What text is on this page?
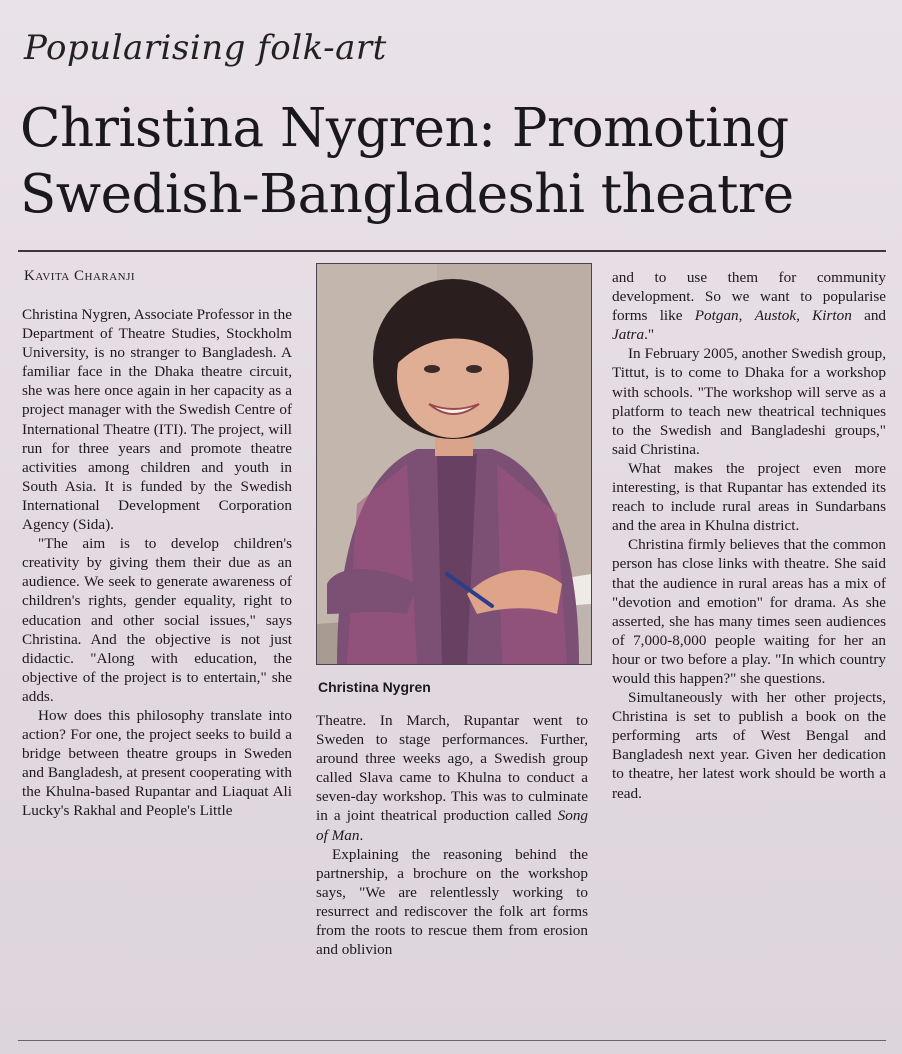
Popularising folk-art
Christina Nygren: Promoting Swedish-Bangladeshi theatre
Kavita Charanji

Christina Nygren, Associate Professor in the Department of Theatre Studies, Stockholm University, is no stranger to Bangladesh. A familiar face in the Dhaka theatre circuit, she was here once again in her capacity as a project manager with the Swedish Centre of International Theatre (ITI). The project, will run for three years and promote theatre activities among children and youth in South Asia. It is funded by the Swedish International Development Corporation Agency (Sida).

"The aim is to develop children's creativity by giving them their due as an audience. We seek to generate awareness of children's rights, gender equality, right to education and other social issues," says Christina. And the objective is not just didactic. "Along with education, the objective of the project is to entertain," she adds.

How does this philosophy translate into action? For one, the project seeks to build a bridge between theatre groups in Sweden and Bangladesh, at present cooperating with the Khulna-based Rupantar and Liaquat Ali Lucky's Rakhal and People's Little

Christina Nygren

Theatre. In March, Rupantar went to Sweden to stage performances. Further, around three weeks ago, a Swedish group called Slava came to Khulna to conduct a seven-day workshop. This was to culminate in a joint theatrical production called Song of Man.

Explaining the reasoning behind the partnership, a brochure on the workshop says, "We are relentlessly working to resurrect and rediscover the folk art forms from the roots to rescue them from erosion and oblivion

and to use them for community development. So we want to popularise forms like Potgan, Austok, Kirton and Jatra."

In February 2005, another Swedish group, Tittut, is to come to Dhaka for a workshop with schools. "The workshop will serve as a platform to teach new theatrical techniques to the Swedish and Bangladeshi groups," said Christina.

What makes the project even more interesting, is that Rupantar has extended its reach to include rural areas in Sundarbans and the area in Khulna district.

Christina firmly believes that the common person has close links with theatre. She said that the audience in rural areas has a mix of "devotion and emotion" for drama. As she asserted, she has many times seen audiences of 7,000-8,000 people waiting for her an hour or two before a play. "In which country would this happen?" she questions.

Simultaneously with her other projects, Christina is set to publish a book on the performing arts of West Bengal and Bangladesh next year. Given her dedication to theatre, her latest work should be worth a read.
